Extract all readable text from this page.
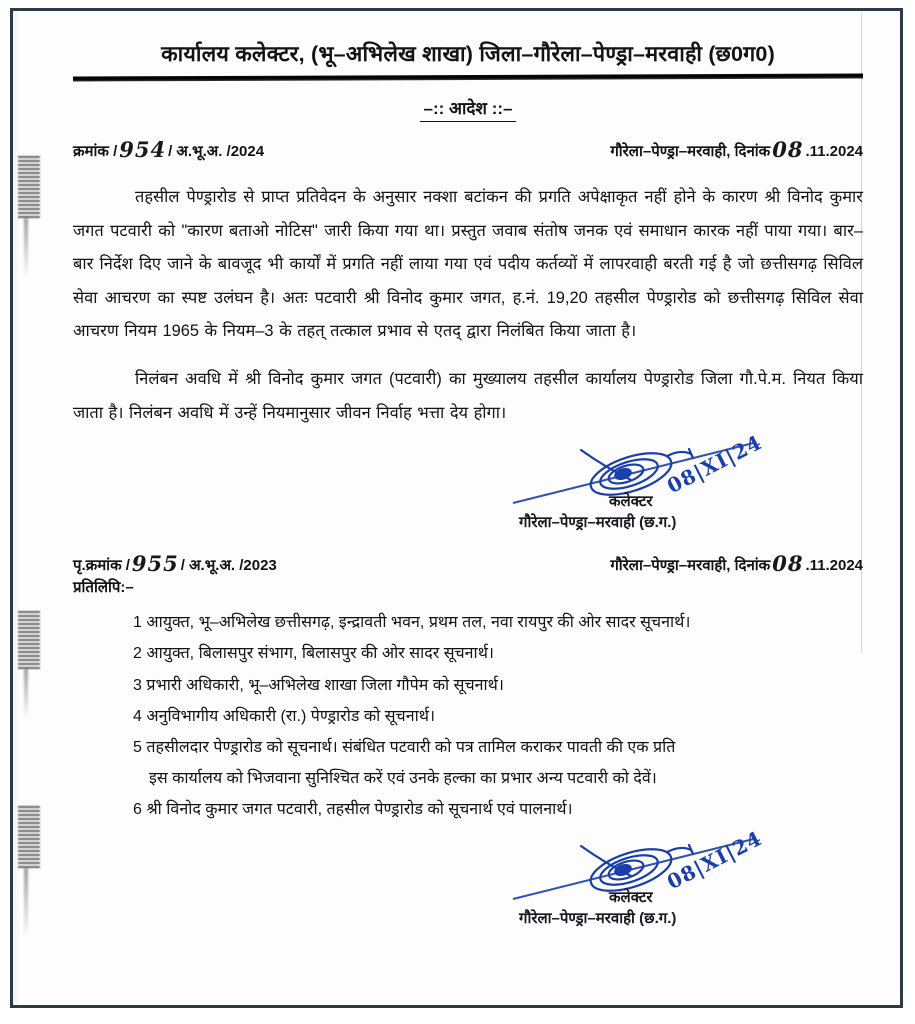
कार्यालय कलेक्टर, (भू–अभिलेख शाखा) जिला–गौरेला–पेण्ड्रा–मरवाही (छ0ग0)
–:: आदेश ::–
क्रमांक /954 / अ.भू.अ. /2024	गौरेला–पेण्ड्रा–मरवाही, दिनांक08 .11.2024
तहसील पेण्ड्रारोड से प्राप्त प्रतिवेदन के अनुसार नक्शा बटांकन की प्रगति अपेक्षाकृत नहीं होने के कारण श्री विनोद कुमार जगत पटवारी को "कारण बताओ नोटिस" जारी किया गया था। प्रस्तुत जवाब संतोष जनक एवं समाधान कारक नहीं पाया गया। बार–बार निर्देश दिए जाने के बावजूद भी कार्यों में प्रगति नहीं लाया गया एवं पदीय कर्तव्यों में लापरवाही बरती गई है जो छत्तीसगढ़ सिविल सेवा आचरण का स्पष्ट उलंघन है। अतः पटवारी श्री विनोद कुमार जगत, ह.नं. 19,20 तहसील पेण्ड्रारोड को छत्तीसगढ़ सिविल सेवा आचरण नियम 1965 के नियम–3 के तहत् तत्काल प्रभाव से एतद् द्वारा निलंबित किया जाता है।
निलंबन अवधि में श्री विनोद कुमार जगत (पटवारी) का मुख्यालय तहसील कार्यालय पेण्ड्रारोड जिला गौ.पे.म. नियत किया जाता है। निलंबन अवधि में उन्हें नियमानुसार जीवन निर्वाह भत्ता देय होगा।
08|XI|24
कलेक्टर
गौरेला–पेण्ड्रा–मरवाही (छ.ग.)
पृ.क्रमांक /955 / अ.भू.अ. /2023	गौरेला–पेण्ड्रा–मरवाही, दिनांक08 .11.2024
प्रतिलिपि:–
1 आयुक्त, भू–अभिलेख छत्तीसगढ़, इन्द्रावती भवन, प्रथम तल, नवा रायपुर की ओर सादर सूचनार्थ।
2 आयुक्त, बिलासपुर संभाग, बिलासपुर की ओर सादर सूचनार्थ।
3 प्रभारी अधिकारी, भू–अभिलेख शाखा जिला गौपेम को सूचनार्थ।
4 अनुविभागीय अधिकारी (रा.) पेण्ड्रारोड को सूचनार्थ।
5 तहसीलदार पेण्ड्रारोड को सूचनार्थ। संबंधित पटवारी को पत्र तामिल कराकर पावती की एक प्रति
इस कार्यालय को भिजवाना सुनिश्चित करें एवं उनके हल्का का प्रभार अन्य पटवारी को देवें।
6 श्री विनोद कुमार जगत पटवारी, तहसील पेण्ड्रारोड को सूचनार्थ एवं पालनार्थ।
08|XI|24
कलेक्टर
गौरेला–पेण्ड्रा–मरवाही (छ.ग.)
